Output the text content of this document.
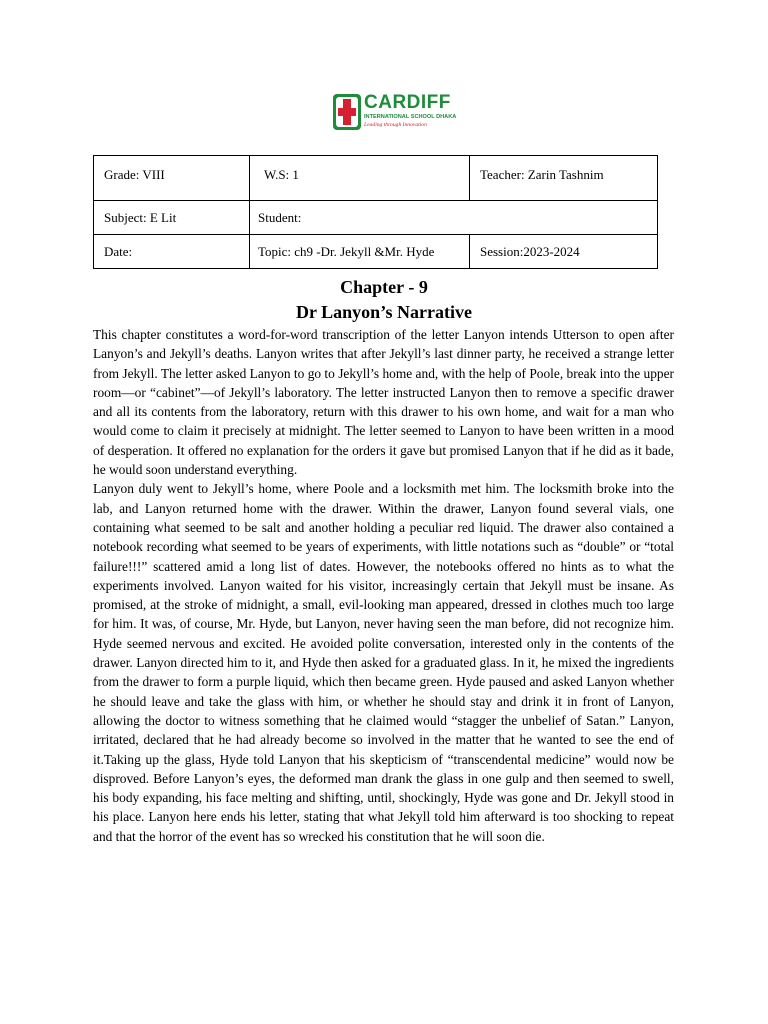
CARDIFF
INTERNATIONAL SCHOOL DHAKA
Leading through Innovation
Grade: VIII	W.S: 1	Teacher: Zarin Tashnim
Subject: E Lit	Student:	
Date:	Topic: ch9 -Dr. Jekyll &Mr. Hyde	Session:2023-2024
Chapter - 9
Dr Lanyon’s Narrative

This chapter constitutes a word-for-word transcription of the letter Lanyon intends Utterson to open after Lanyon’s and Jekyll’s deaths. Lanyon writes that after Jekyll’s last dinner party, he received a strange letter from Jekyll. The letter asked Lanyon to go to Jekyll’s home and, with the help of Poole, break into the upper room—or “cabinet”—of Jekyll’s laboratory. The letter instructed Lanyon then to remove a specific drawer and all its contents from the laboratory, return with this drawer to his own home, and wait for a man who would come to claim it precisely at midnight. The letter seemed to Lanyon to have been written in a mood of desperation. It offered no explanation for the orders it gave but promised Lanyon that if he did as it bade, he would soon understand everything.

Lanyon duly went to Jekyll’s home, where Poole and a locksmith met him. The locksmith broke into the lab, and Lanyon returned home with the drawer. Within the drawer, Lanyon found several vials, one containing what seemed to be salt and another holding a peculiar red liquid. The drawer also contained a notebook recording what seemed to be years of experiments, with little notations such as “double” or “total failure!!!” scattered amid a long list of dates. However, the notebooks offered no hints as to what the experiments involved. Lanyon waited for his visitor, increasingly certain that Jekyll must be insane. As promised, at the stroke of midnight, a small, evil-looking man appeared, dressed in clothes much too large for him. It was, of course, Mr. Hyde, but Lanyon, never having seen the man before, did not recognize him. Hyde seemed nervous and excited. He avoided polite conversation, interested only in the contents of the drawer. Lanyon directed him to it, and Hyde then asked for a graduated glass. In it, he mixed the ingredients from the drawer to form a purple liquid, which then became green. Hyde paused and asked Lanyon whether he should leave and take the glass with him, or whether he should stay and drink it in front of Lanyon, allowing the doctor to witness something that he claimed would “stagger the unbelief of Satan.” Lanyon, irritated, declared that he had already become so involved in the matter that he wanted to see the end of it.Taking up the glass, Hyde told Lanyon that his skepticism of “transcendental medicine” would now be disproved. Before Lanyon’s eyes, the deformed man drank the glass in one gulp and then seemed to swell, his body expanding, his face melting and shifting, until, shockingly, Hyde was gone and Dr. Jekyll stood in his place. Lanyon here ends his letter, stating that what Jekyll told him afterward is too shocking to repeat and that the horror of the event has so wrecked his constitution that he will soon die.
